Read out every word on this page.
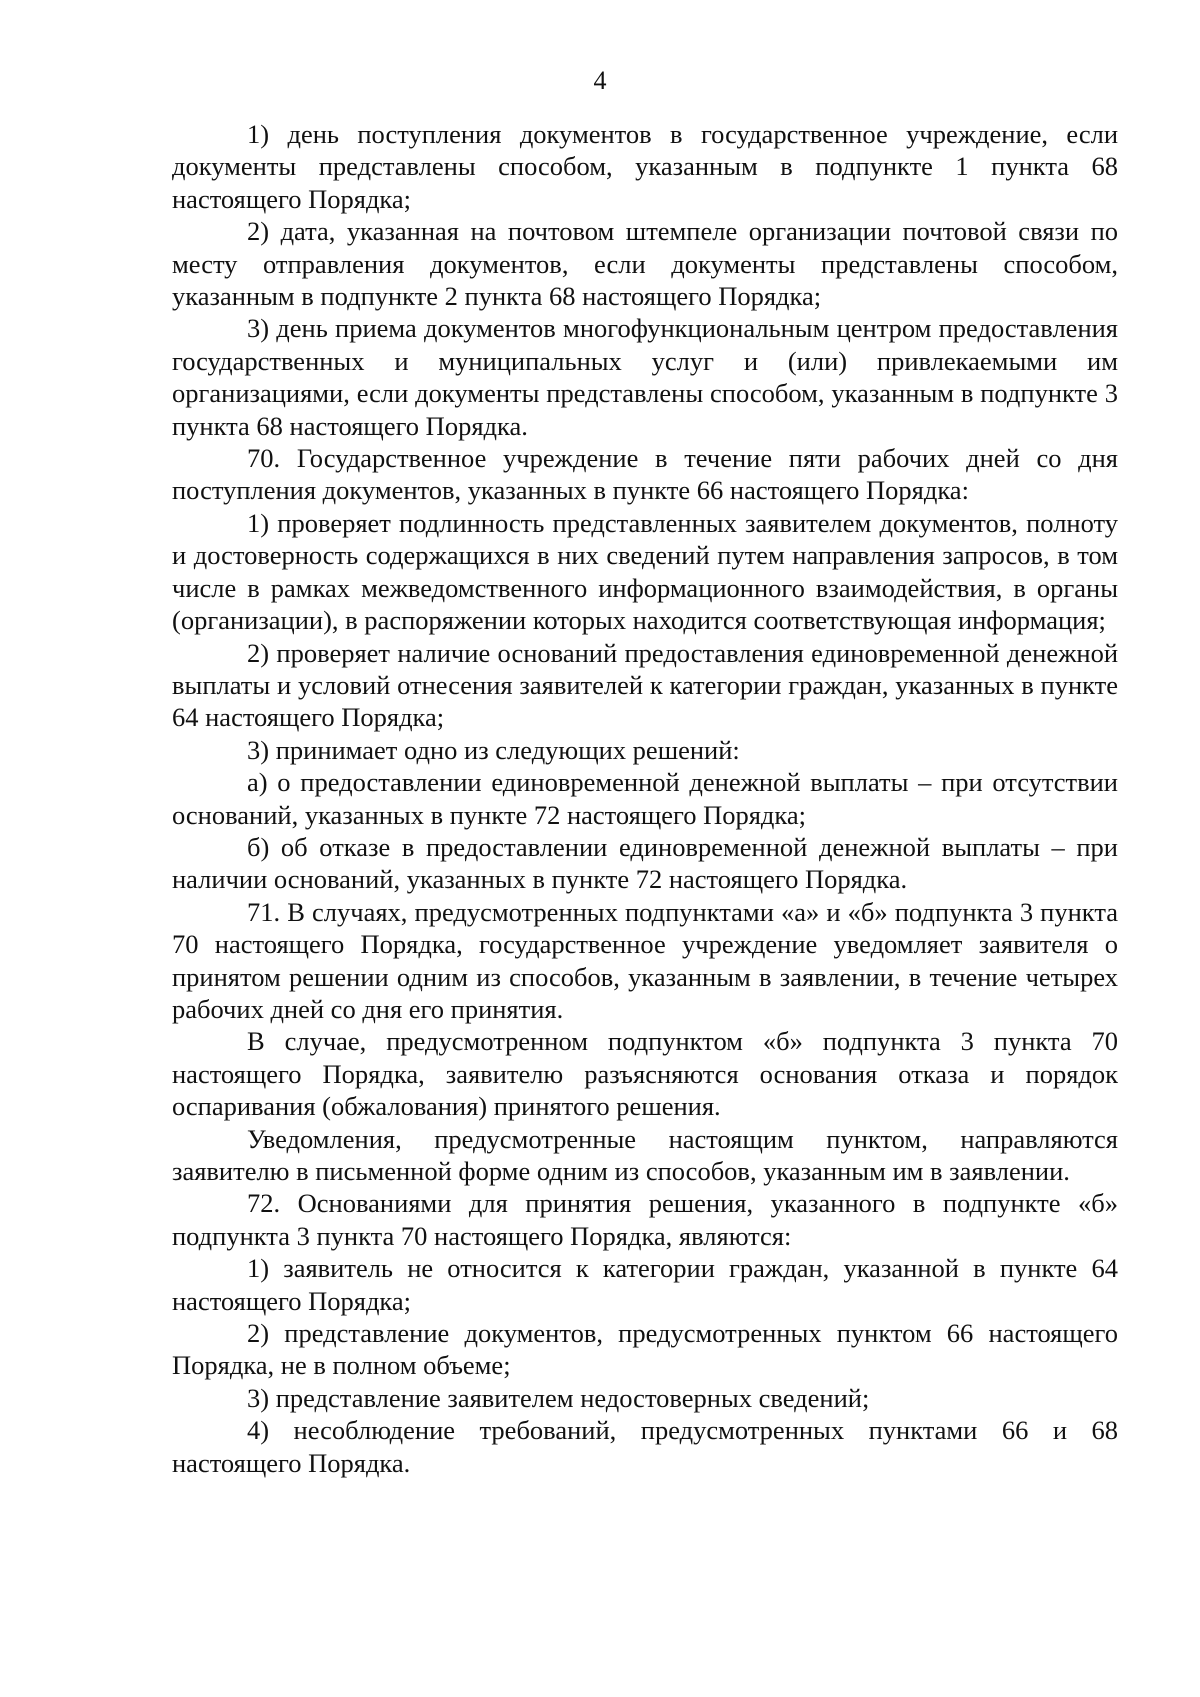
4

1) день поступления документов в государственное учреждение, если документы представлены способом, указанным в подпункте 1 пункта 68 настоящего Порядка;

2) дата, указанная на почтовом штемпеле организации почтовой связи по месту отправления документов, если документы представлены способом, указанным в подпункте 2 пункта 68 настоящего Порядка;

3) день приема документов многофункциональным центром предоставления государственных и муниципальных услуг и (или) привлекаемыми им организациями, если документы представлены способом, указанным в подпункте 3 пункта 68 настоящего Порядка.

70. Государственное учреждение в течение пяти рабочих дней со дня поступления документов, указанных в пункте 66 настоящего Порядка:

1) проверяет подлинность представленных заявителем документов, полноту и достоверность содержащихся в них сведений путем направления запросов, в том числе в рамках межведомственного информационного взаимодействия, в органы (организации), в распоряжении которых находится соответствующая информация;

2) проверяет наличие оснований предоставления единовременной денежной выплаты и условий отнесения заявителей к категории граждан, указанных в пункте 64 настоящего Порядка;

3) принимает одно из следующих решений:

а) о предоставлении единовременной денежной выплаты – при отсутствии оснований, указанных в пункте 72 настоящего Порядка;

б) об отказе в предоставлении единовременной денежной выплаты – при наличии оснований, указанных в пункте 72 настоящего Порядка.

71. В случаях, предусмотренных подпунктами «а» и «б» подпункта 3 пункта 70 настоящего Порядка, государственное учреждение уведомляет заявителя о принятом решении одним из способов, указанным в заявлении, в течение четырех рабочих дней со дня его принятия.

В случае, предусмотренном подпунктом «б» подпункта 3 пункта 70 настоящего Порядка, заявителю разъясняются основания отказа и порядок оспаривания (обжалования) принятого решения.

Уведомления, предусмотренные настоящим пунктом, направляются заявителю в письменной форме одним из способов, указанным им в заявлении.

72. Основаниями для принятия решения, указанного в подпункте «б» подпункта 3 пункта 70 настоящего Порядка, являются:

1) заявитель не относится к категории граждан, указанной в пункте 64 настоящего Порядка;

2) представление документов, предусмотренных пунктом 66 настоящего Порядка, не в полном объеме;

3) представление заявителем недостоверных сведений;

4) несоблюдение требований, предусмотренных пунктами 66 и 68 настоящего Порядка.
